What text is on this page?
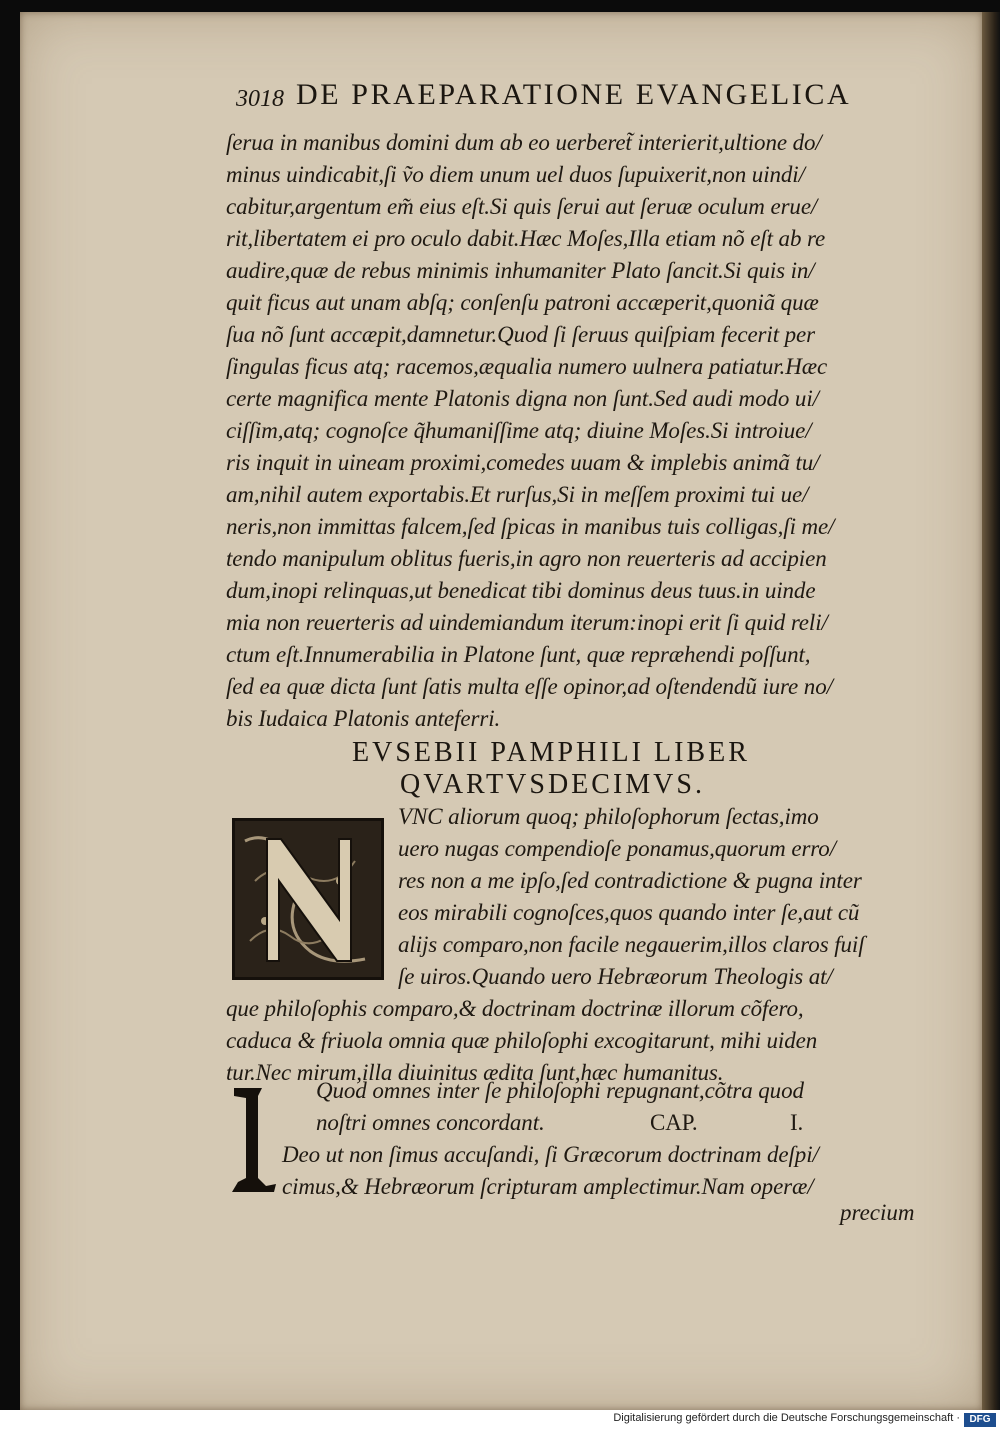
3018 DE PRAEPARATIONE EVANGELICA
ſerua in manibus domini dum ab eo uerberet̃ interierit,ultione do/
minus uindicabit,ſi ṽo diem unum uel duos ſupuixerit,non uindi/
cabitur,argentum em̃ eius eſt.Si quis ſerui aut ſeruæ oculum erue/
rit,libertatem ei pro oculo dabit.Hæc Moſes,Illa etiam nõ eſt ab re
audire,quæ de rebus minimis inhumaniter Plato ſancit.Si quis in/
quit ficus aut unam abſq; conſenſu patroni accæperit,quoniã quæ
ſua nõ ſunt accæpit,damnetur.Quod ſi ſeruus quiſpiam fecerit per
ſingulas ficus atq; racemos,æqualia numero uulnera patiatur.Hæc
certe magnifica mente Platonis digna non ſunt.Sed audi modo ui/
ciſſim,atq; cognoſce q̃humaniſſime atq; diuine Moſes.Si introiue/
ris inquit in uineam proximi,comedes uuam & implebis animã tu/
am,nihil autem exportabis.Et rurſus,Si in meſſem proximi tui ue/
neris,non immittas falcem,ſed ſpicas in manibus tuis colligas,ſi me/
tendo manipulum oblitus fueris,in agro non reuerteris ad accipien
dum,inopi relinquas,ut benedicat tibi dominus deus tuus.in uinde
mia non reuerteris ad uindemiandum iterum:inopi erit ſi quid reli/
ctum eſt.Innumerabilia in Platone ſunt, quæ repræhendi poſſunt,
ſed ea quæ dicta ſunt ſatis multa eſſe opinor,ad oſtendendũ iure no/
bis Iudaica Platonis anteferri.
EVSEBII PAMPHILI LIBER
QVARTVSDECIMVS.
VNC aliorum quoq; philoſophorum ſectas,imo
uero nugas compendioſe ponamus,quorum erro/
res non a me ipſo,ſed contradictione & pugna inter
eos mirabili cognoſces,quos quando inter ſe,aut cũ
alijs comparo,non facile negauerim,illos claros fuiſ
ſe uiros.Quando uero Hebræorum Theologis at/
que philoſophis comparo,& doctrinam doctrinæ illorum cõfero,
caduca & friuola omnia quæ philoſophi excogitarunt, mihi uiden
tur.Nec mirum,illa diuinitus ædita ſunt,hæc humanitus.
Quod omnes inter ſe philoſophi repugnant,cõtra quod
noſtri omnes concordant.	CAP.	I.
Deo ut non ſimus accuſandi, ſi Græcorum doctrinam deſpi/
cimus,& Hebræorum ſcripturam amplectimur.Nam operæ/
precium
Digitalisierung gefördert durch die Deutsche Forschungsgemeinschaft · DFG
